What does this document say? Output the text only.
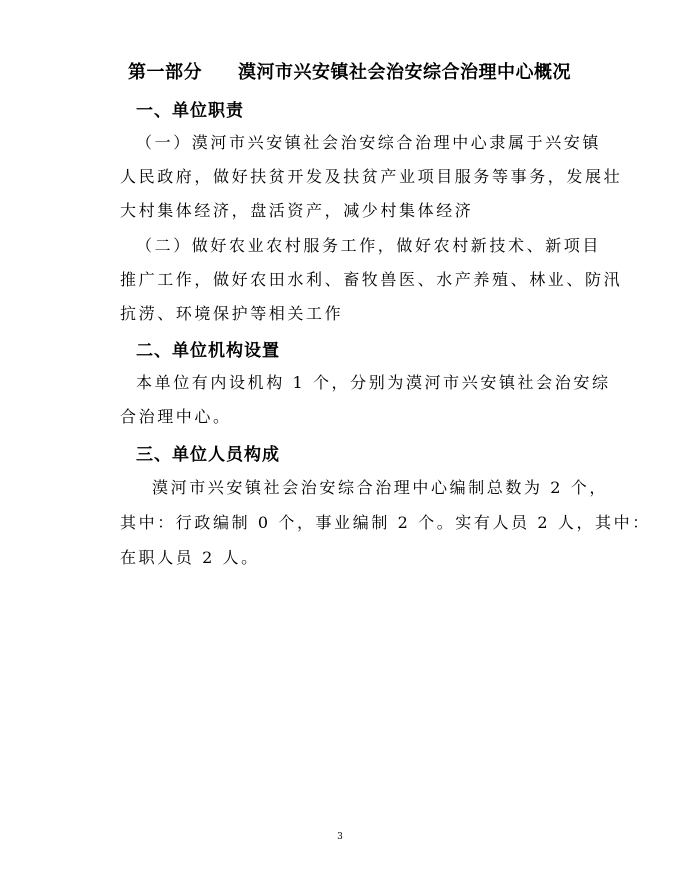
第一部分 漠河市兴安镇社会治安综合治理中心概况
一、单位职责
（一）漠河市兴安镇社会治安综合治理中心隶属于兴安镇
人民政府，做好扶贫开发及扶贫产业项目服务等事务，发展壮
大村集体经济，盘活资产，减少村集体经济
（二）做好农业农村服务工作，做好农村新技术、新项目
推广工作，做好农田水利、畜牧兽医、水产养殖、林业、防汛
抗涝、环境保护等相关工作
二、单位机构设置
本单位有内设机构 1 个，分别为漠河市兴安镇社会治安综
合治理中心。
三、单位人员构成
漠河市兴安镇社会治安综合治理中心编制总数为 2 个，
其中：行政编制 0 个，事业编制 2 个。实有人员 2 人，其中：
在职人员 2 人。
3
